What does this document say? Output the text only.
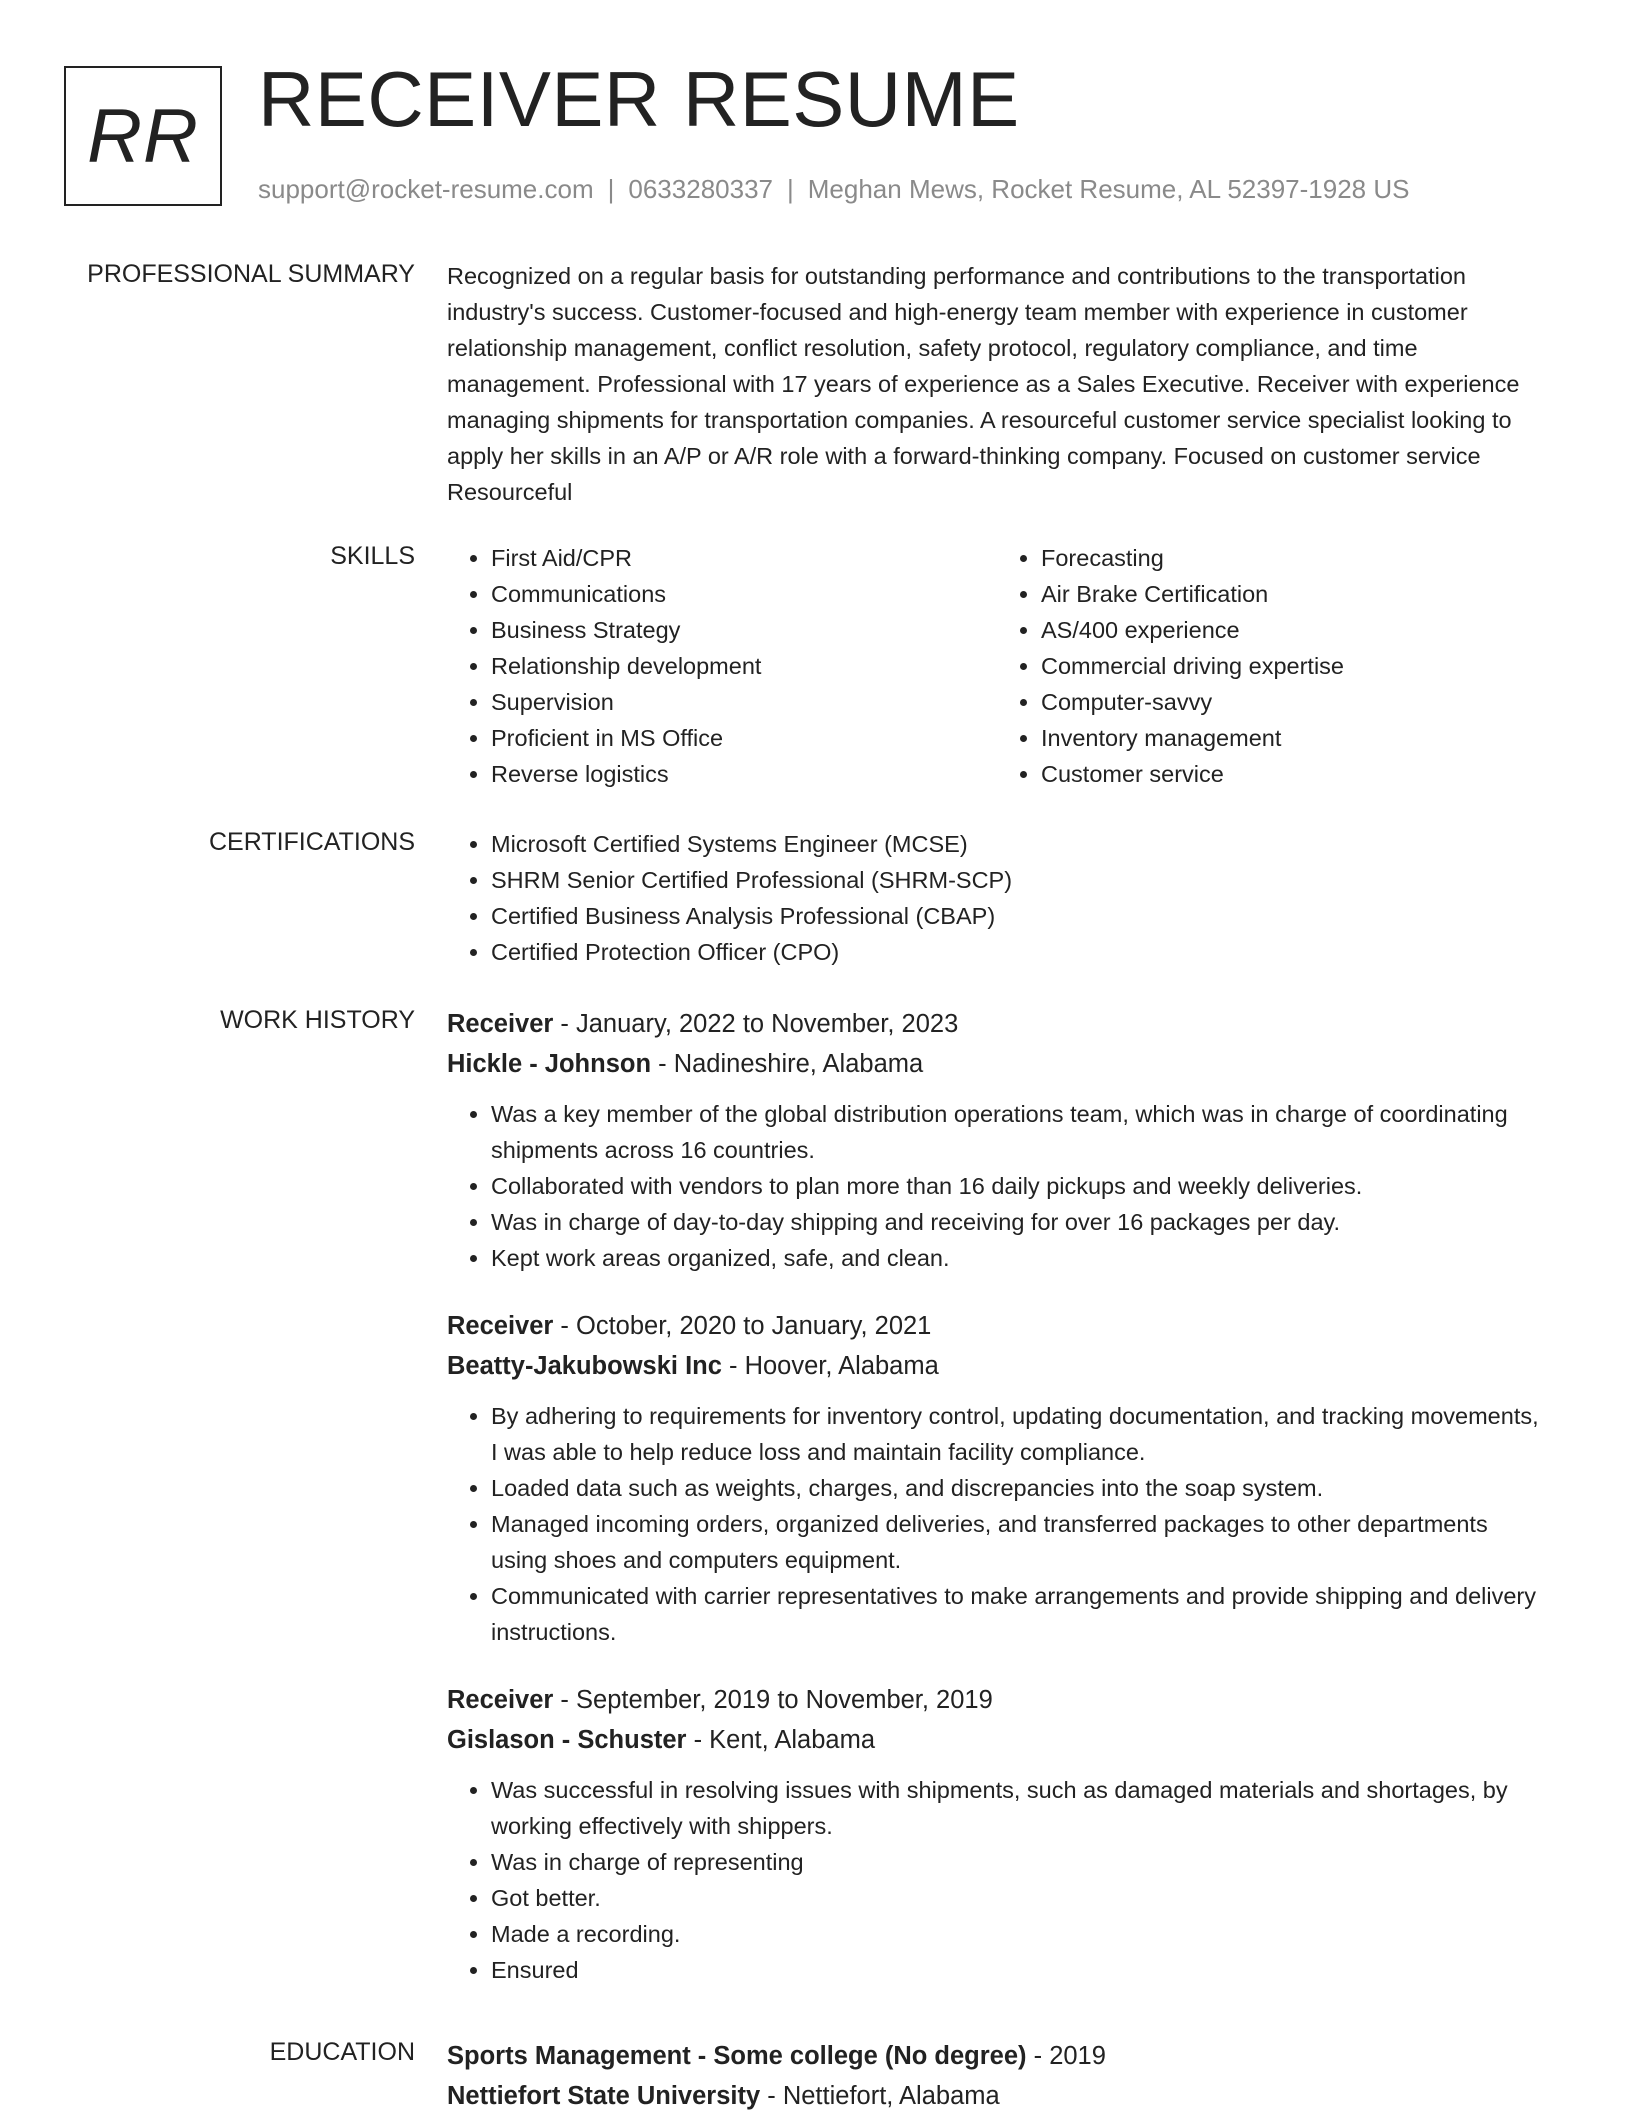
RR RECEIVER RESUME
support@rocket-resume.com | 0633280337 | Meghan Mews, Rocket Resume, AL 52397-1928 US
PROFESSIONAL SUMMARY Recognized on a regular basis for outstanding performance and contributions to the transportation industry's success. Customer-focused and high-energy team member with experience in customer relationship management, conflict resolution, safety protocol, regulatory compliance, and time management. Professional with 17 years of experience as a Sales Executive. Receiver with experience managing shipments for transportation companies. A resourceful customer service specialist looking to apply her skills in an A/P or A/R role with a forward-thinking company. Focused on customer service Resourceful

SKILLS	• First Aid/CPR
• Communications
• Business Strategy
• Relationship development
• Supervision
• Proficient in MS Office
• Reverse logistics
• Forecasting
• Air Brake Certification
• AS/400 experience
• Commercial driving expertise
• Computer-savvy
• Inventory management
• Customer service
CERTIFICATIONS	• Microsoft Certified Systems Engineer (MCSE)
• SHRM Senior Certified Professional (SHRM-SCP)
• Certified Business Analysis Professional (CBAP)
• Certified Protection Officer (CPO)
WORK HISTORY Receiver - January, 2022 to November, 2023
Hickle - Johnson - Nadineshire, Alabama
• Was a key member of the global distribution operations team, which was in charge of coordinating shipments across 16 countries.
• Collaborated with vendors to plan more than 16 daily pickups and weekly deliveries.
• Was in charge of day-to-day shipping and receiving for over 16 packages per day.
• Kept work areas organized, safe, and clean.
Receiver - October, 2020 to January, 2021
Beatty-Jakubowski Inc - Hoover, Alabama
• By adhering to requirements for inventory control, updating documentation, and tracking movements, I was able to help reduce loss and maintain facility compliance.
• Loaded data such as weights, charges, and discrepancies into the soap system.
• Managed incoming orders, organized deliveries, and transferred packages to other departments using shoes and computers equipment.
• Communicated with carrier representatives to make arrangements and provide shipping and delivery instructions.
Receiver - September, 2019 to November, 2019
Gislason - Schuster - Kent, Alabama
• Was successful in resolving issues with shipments, such as damaged materials and shortages, by working effectively with shippers.
• Was in charge of representing
• Got better.
• Made a recording.
• Ensured
EDUCATION Sports Management - Some college (No degree) - 2019
Nettiefort State University - Nettiefort, Alabama
